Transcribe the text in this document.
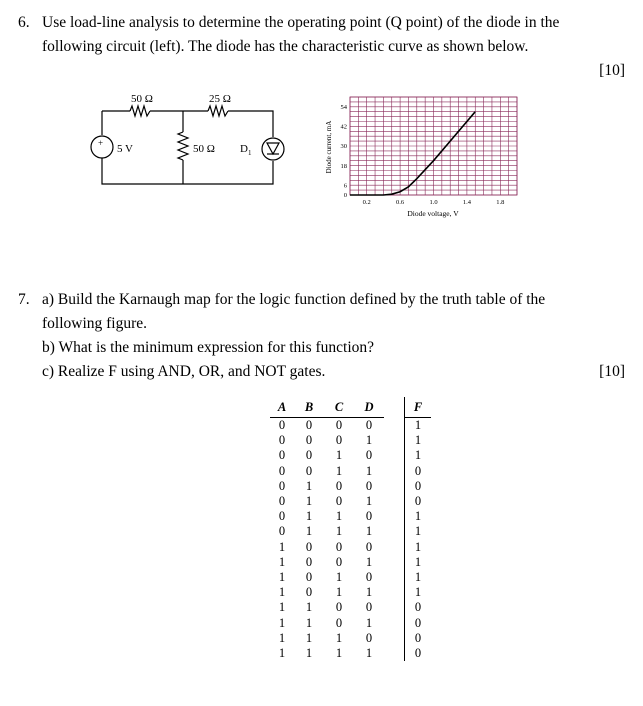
6. Use load-line analysis to determine the operating point (Q point) of the diode in the
following circuit (left). The diode has the characteristic curve as shown below.
[10]
+ 5 V
50 Ω	25 Ω
50 Ω $D_1$
0.2	0.6	1.0	1.4	1.8
0
6
18
30
42
54
Diode voltage, V
Diode current, mA
7. a) Build the Karnaugh map for the logic function defined by the truth table of the
following figure.
b) What is the minimum expression for this function?
c) Realize F using AND, OR, and NOT gates.	[10]
A	B	C	D		F
0	0	0	0		1
0	0	0	1		1
0	0	1	0		1
0	0	1	1		0
0	1	0	0		0
0	1	0	1		0
0	1	1	0		1
0	1	1	1		1
1	0	0	0		1
1	0	0	1		1
1	0	1	0		1
1	0	1	1		1
1	1	0	0		0
1	1	0	1		0
1	1	1	0		0
1	1	1	1		0
